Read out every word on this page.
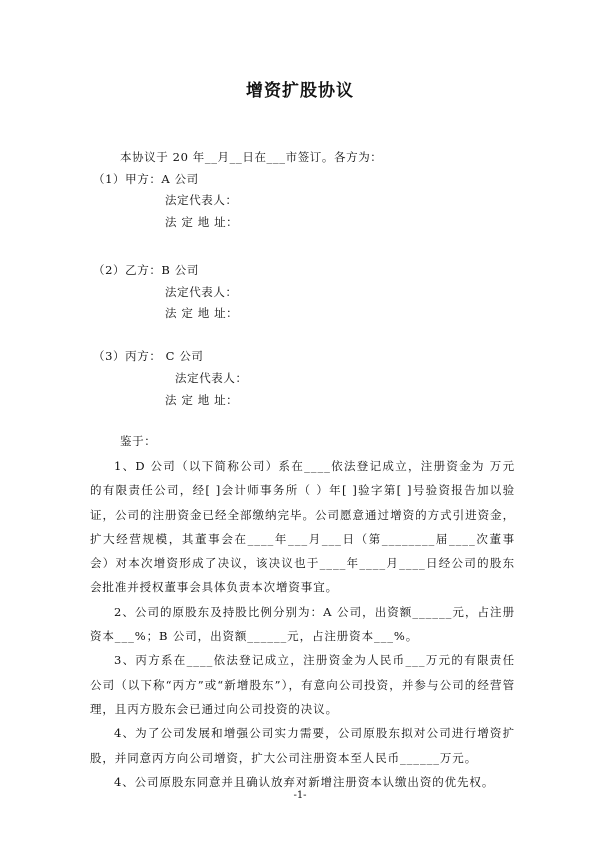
增资扩股协议
本协议于 20 年__月__日在___市签订。各方为：
（1）甲方：A 公司
法定代表人：
法 定 地 址：
（2）乙方：B 公司
法定代表人：
法 定 地 址：
（3）丙方： C 公司
法定代表人：
法 定 地 址：
鉴于：

1、D 公司（以下简称公司）系在____依法登记成立，注册资金为 万元的有限责任公司，经[ ]会计师事务所（ ）年[ ]验字第[ ]号验资报告加以验证，公司的注册资金已经全部缴纳完毕。公司愿意通过增资的方式引进资金，扩大经营规模，其董事会在____年___月___日（第________届____次董事会）对本次增资形成了决议，该决议也于____年____月____日经公司的股东会批准并授权董事会具体负责本次增资事宜。

2、公司的原股东及持股比例分别为：A 公司，出资额______元，占注册资本___%；B 公司，出资额______元，占注册资本___%。

3、丙方系在____依法登记成立，注册资金为人民币___万元的有限责任公司（以下称“丙方”或“新增股东”），有意向公司投资，并参与公司的经营管理，且丙方股东会已通过向公司投资的决议。

4、为了公司发展和增强公司实力需要，公司原股东拟对公司进行增资扩股，并同意丙方向公司增资，扩大公司注册资本至人民币______万元。

4、公司原股东同意并且确认放弃对新增注册资本认缴出资的优先权。

-1-
